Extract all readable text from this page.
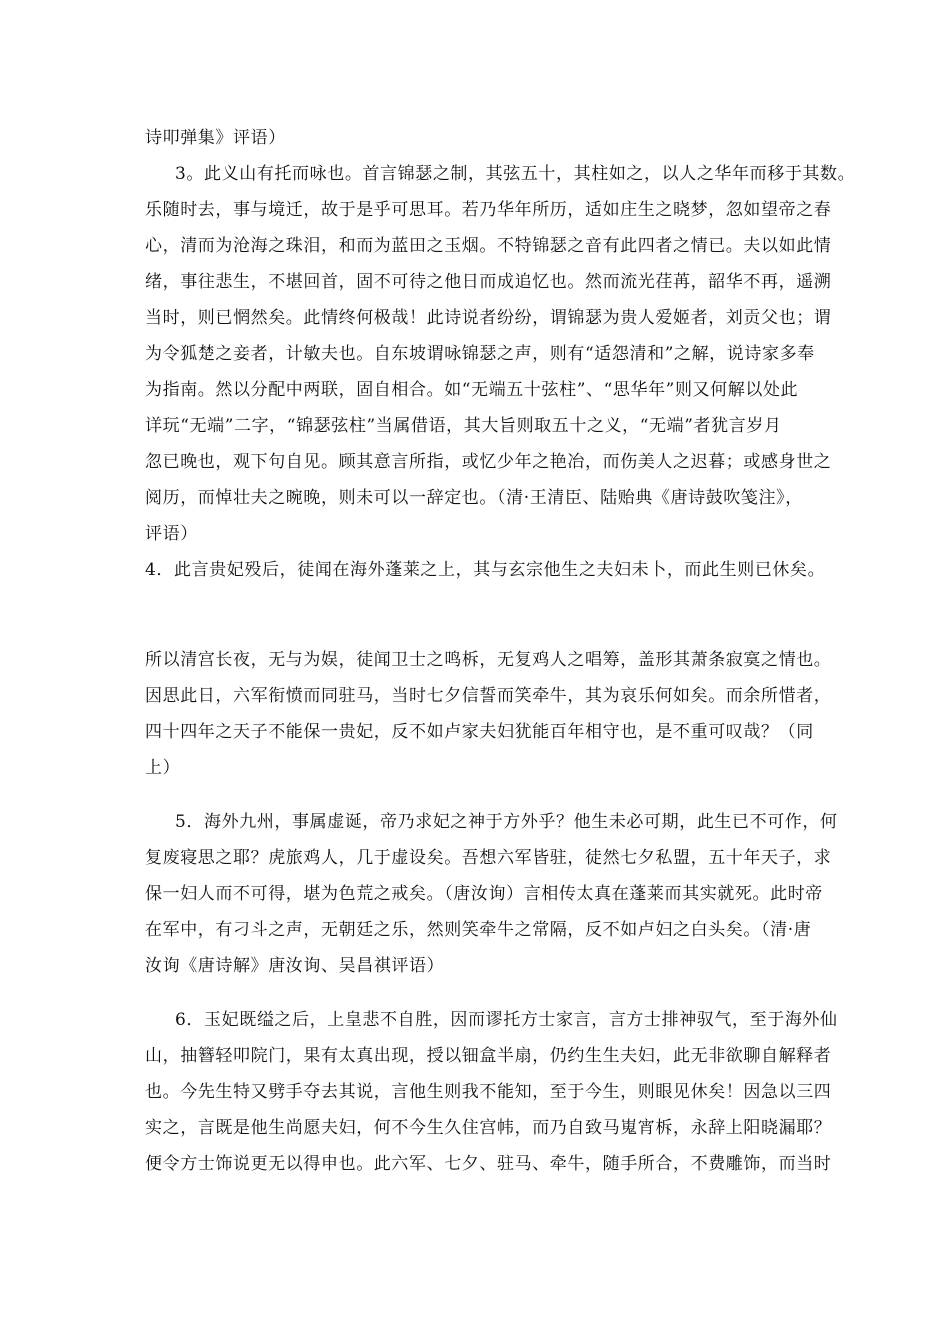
诗叩弹集》评语）
3。此义山有托而咏也。首言锦瑟之制，其弦五十，其柱如之，以人之华年而移于其数。
乐随时去，事与境迁，故于是乎可思耳。若乃华年所历，适如庄生之晓梦，忽如望帝之春
心，清而为沧海之珠泪，和而为蓝田之玉烟。不特锦瑟之音有此四者之情已。夫以如此情
绪，事往悲生，不堪回首，固不可待之他日而成追忆也。然而流光荏苒，韶华不再，遥溯
当时，则已惘然矣。此情终何极哉！此诗说者纷纷，谓锦瑟为贵人爱姬者，刘贡父也；谓
为令狐楚之妾者，计敏夫也。自东坡谓咏锦瑟之声，则有“适怨清和”之解，说诗家多奉
为指南。然以分配中两联，固自相合。如“无端五十弦柱”、“思华年”则又何解以处此
详玩“无端”二字，“锦瑟弦柱”当属借语，其大旨则取五十之义，“无端”者犹言岁月
忽已晚也，观下句自见。顾其意言所指，或忆少年之艳冶，而伤美人之迟暮；或感身世之
阅历，而悼壮夫之晼晚，则未可以一辞定也。（清·王清臣、陆贻典《唐诗鼓吹笺注》，
评语）
4．此言贵妃殁后，徒闻在海外蓬莱之上，其与玄宗他生之夫妇未卜，而此生则已休矣。
所以清宫长夜，无与为娱，徒闻卫士之鸣柝，无复鸡人之唱筹，盖形其萧条寂寞之情也。
因思此日，六军衔愤而同驻马，当时七夕信誓而笑牵牛，其为哀乐何如矣。而余所惜者，
四十四年之天子不能保一贵妃，反不如卢家夫妇犹能百年相守也，是不重可叹哉？（同
上）
5．海外九州，事属虚诞，帝乃求妃之神于方外乎？他生未必可期，此生已不可作，何
复废寝思之耶？虎旅鸡人，几于虚设矣。吾想六军皆驻，徒然七夕私盟，五十年天子，求
保一妇人而不可得，堪为色荒之戒矣。（唐汝询）言相传太真在蓬莱而其实就死。此时帝
在军中，有刁斗之声，无朝廷之乐，然则笑牵牛之常隔，反不如卢妇之白头矣。（清·唐
汝询《唐诗解》唐汝询、吴昌祺评语）
6．玉妃既缢之后，上皇悲不自胜，因而谬托方士家言，言方士排神驭气，至于海外仙
山，抽簪轻叩院门，果有太真出现，授以钿盒半扇，仍约生生夫妇，此无非欲聊自解释者
也。今先生特又劈手夺去其说，言他生则我不能知，至于今生，则眼见休矣！因急以三四
实之，言既是他生尚愿夫妇，何不今生久住宫帏，而乃自致马嵬宵柝，永辞上阳晓漏耶？
便令方士饰说更无以得申也。此六军、七夕、驻马、牵牛，随手所合，不费雕饰，而当时
